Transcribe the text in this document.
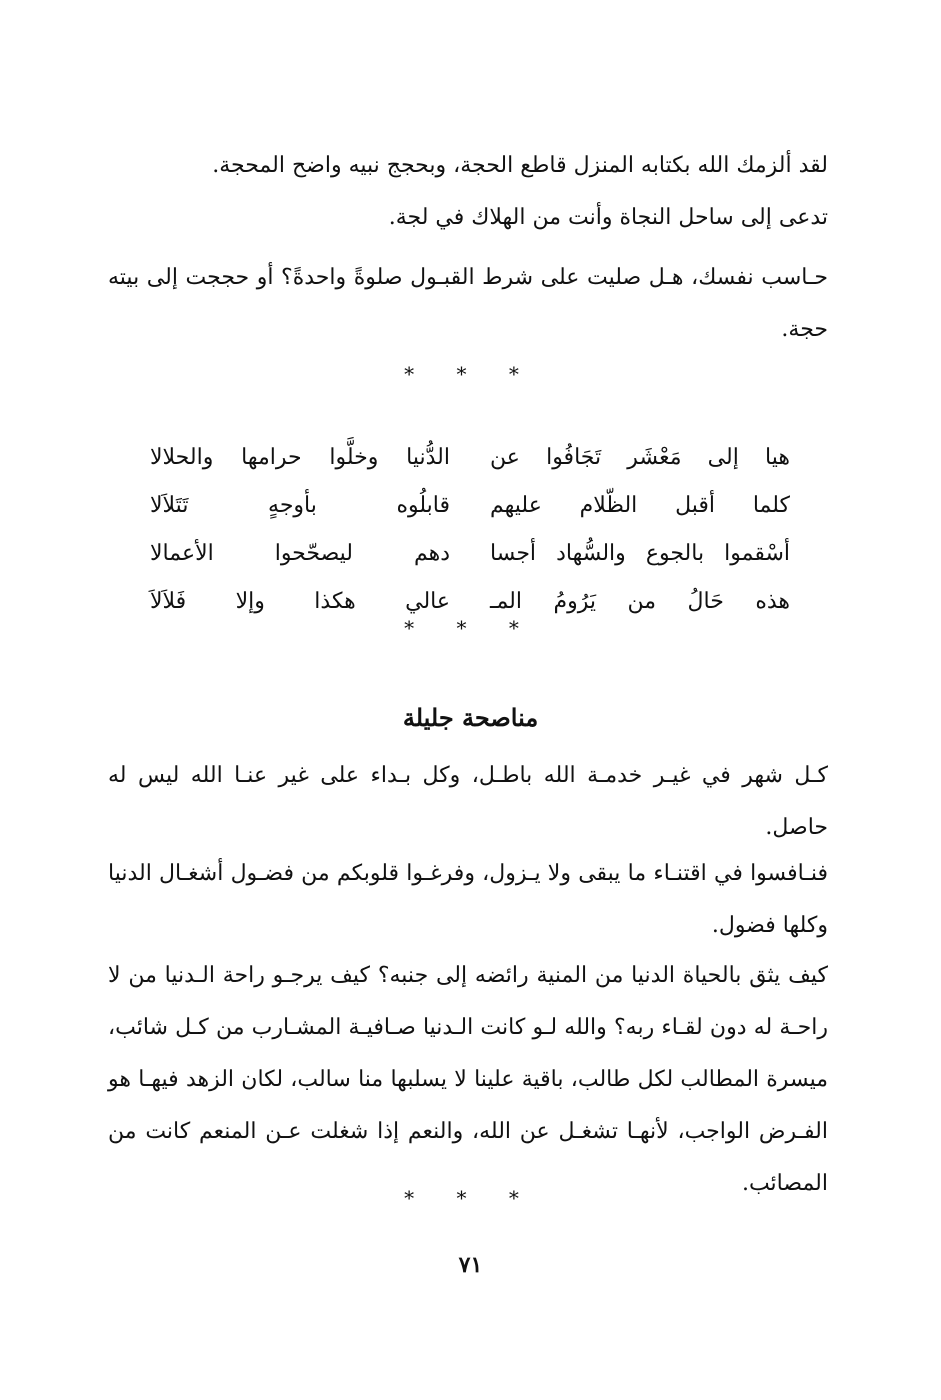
لقد ألزمك الله بكتابه المنزل قاطع الحجة، وبحجج نبيه واضح المحجة.

تدعى إلى ساحل النجاة وأنت من الهلاك في لجة.

حـاسب نفسك، هـل صليت على شرط القبـول صلوةً واحدةً؟ أو حججت إلى بيته حجة.

* * *
هيا إلى مَعْشَر تَجَافُوا عن
الدُّنيا وخلَّوا حرامها والحلالا
كلما أقبل الظّلام عليهم
قابلُوه بأوجهٍ تَتَلاَلا
أسْقموا بالجوع والسُّهاد أجسا
دهم ليصحّحوا الأعمالا
هذه حَالُ من يَرُومُ المـ
عالي هكذا وإلا فَلاَلاَ
* * *
مناصحة جليلة

كـل شهر في غيـر خدمـة الله باطـل، وكل بـداء على غير عنـا الله ليس له حاصل.

فنـافسوا في اقتنـاء ما يبقى ولا يـزول، وفرغـوا قلوبكم من فضـول أشغـال الدنيا وكلها فضول.

كيف يثق بالحياة الدنيا من المنية رائضه إلى جنبه؟ كيف يرجـو راحة الـدنيا من لا راحـة له دون لقـاء ربه؟ والله لـو كانت الـدنيا صـافيـة المشـارب من كـل شائب، ميسرة المطالب لكل طالب، باقية علينا لا يسلبها منا سالب، لكان الزهد فيهـا هو الفـرض الواجب، لأنهـا تشغـل عن الله، والنعم إذا شغلت عـن المنعم كانت من المصائب.

* * *
٧١
